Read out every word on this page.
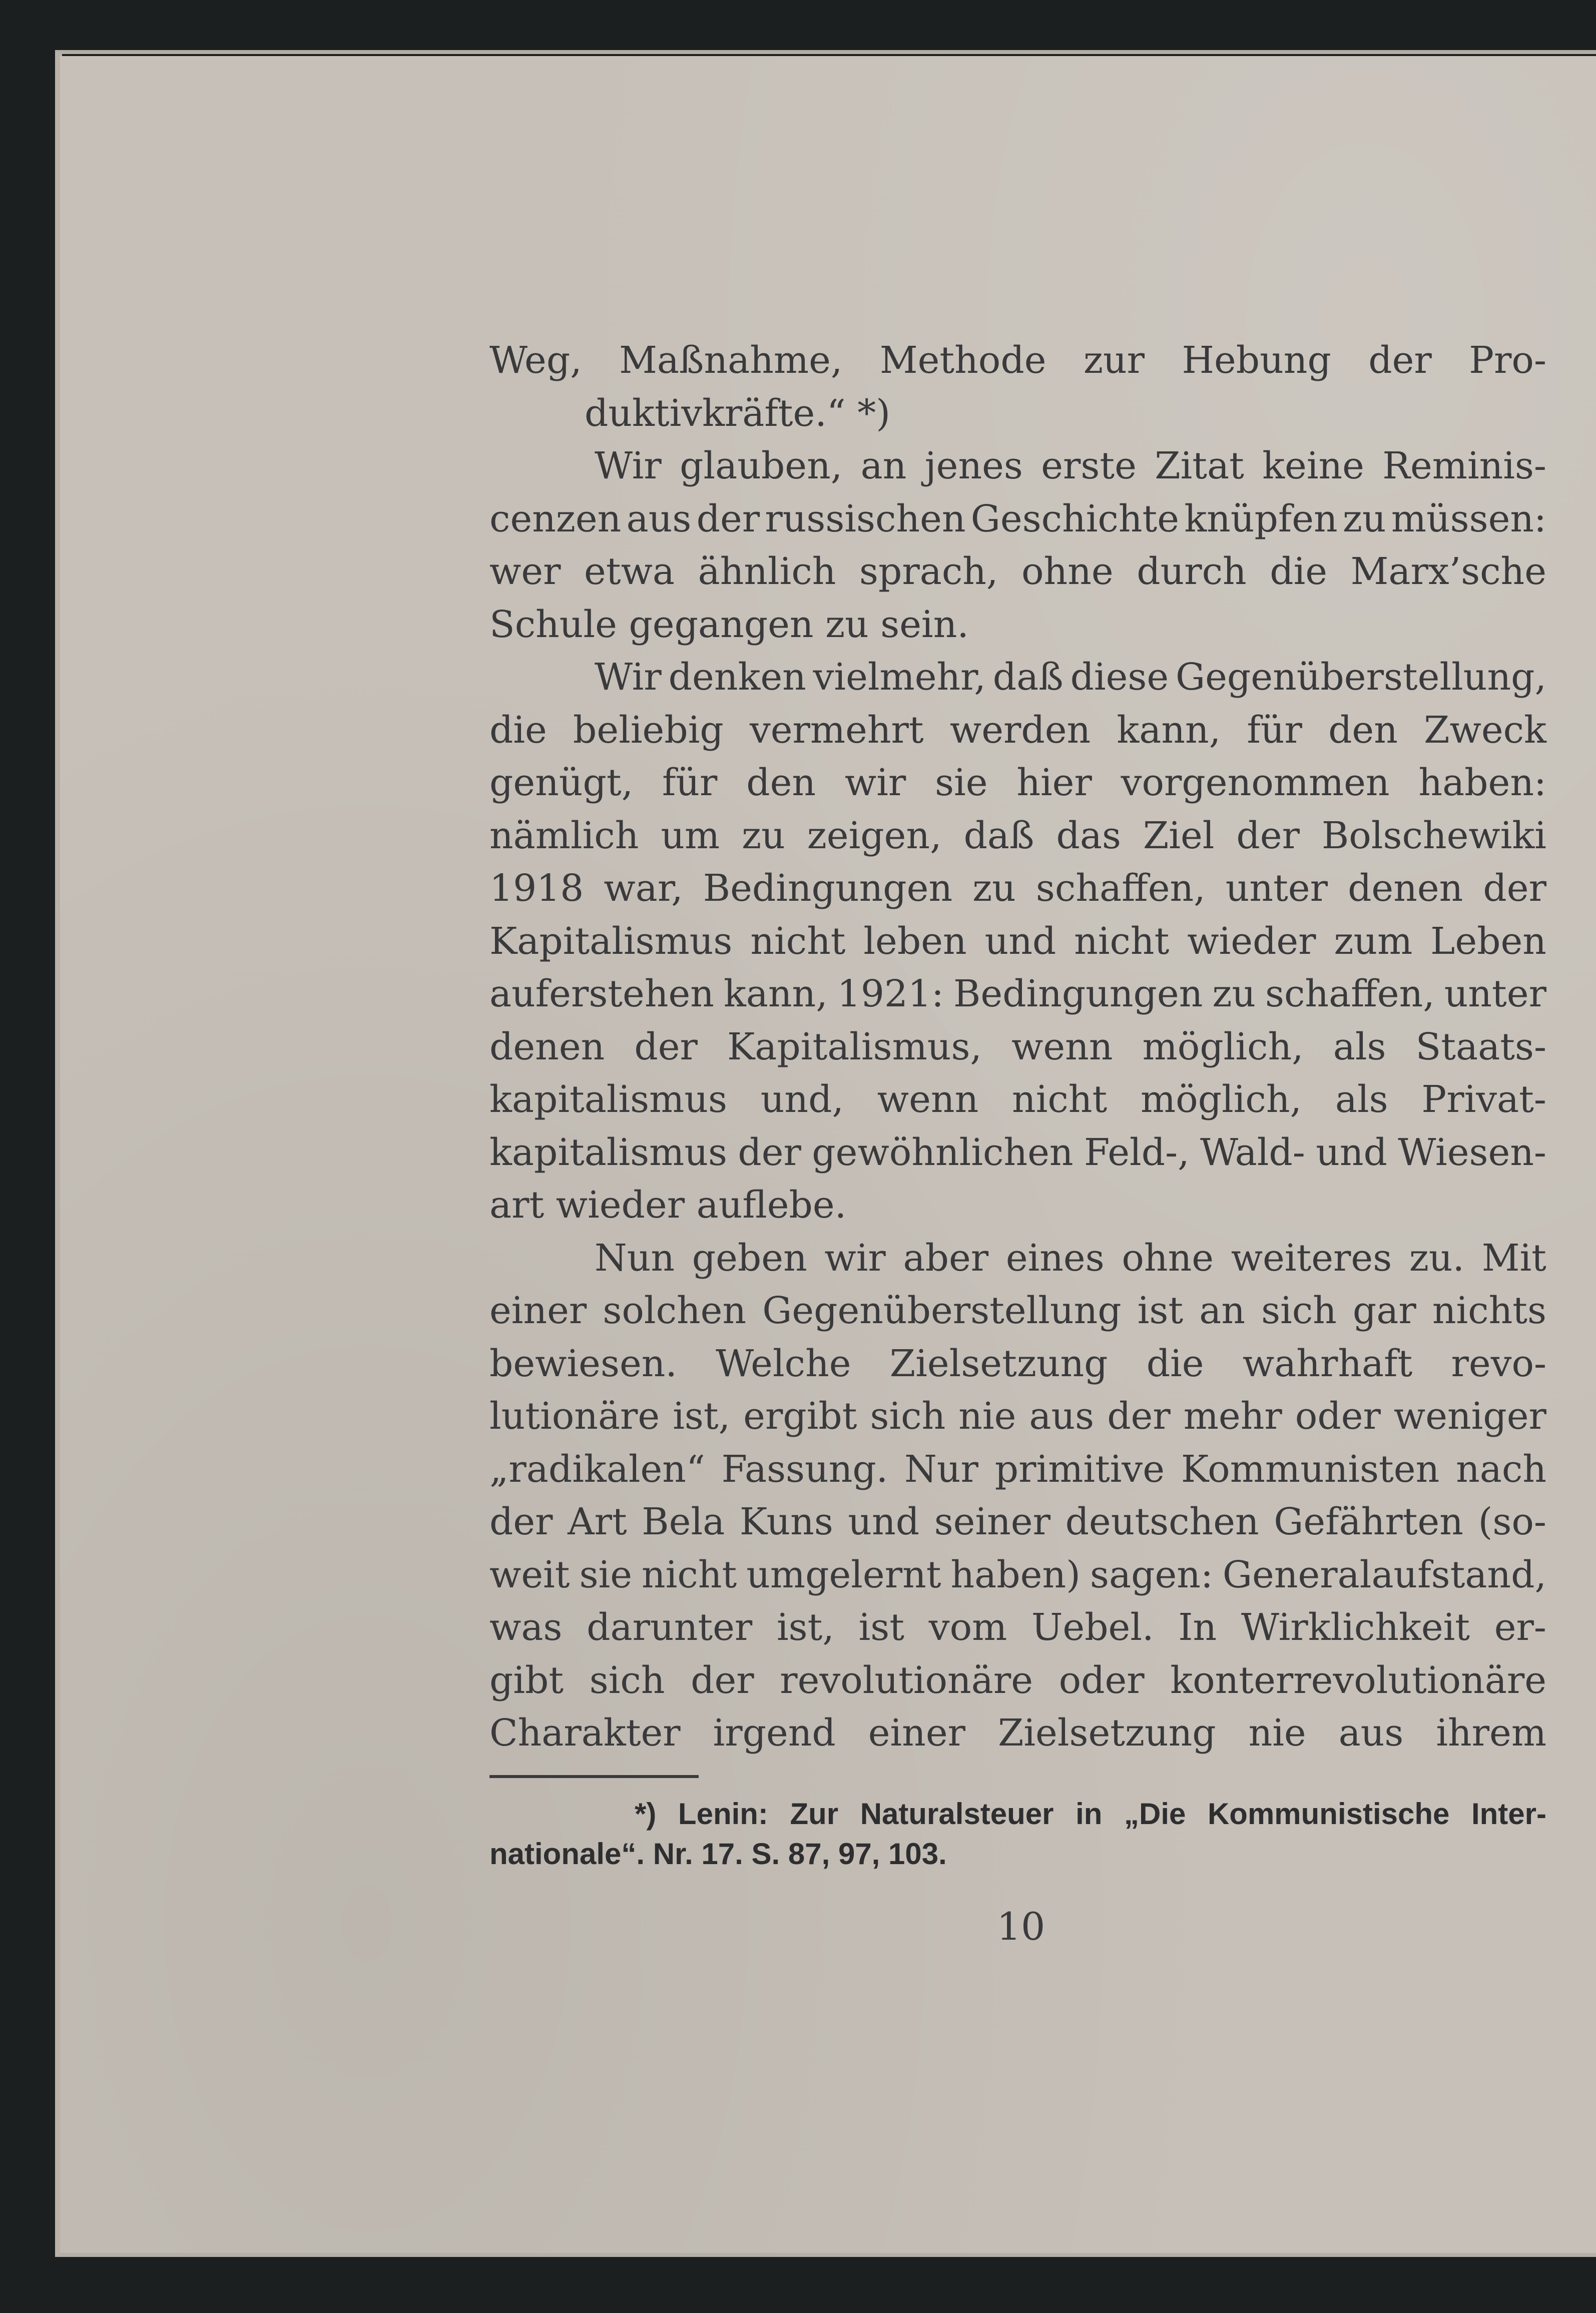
Weg, Maßnahme, Methode zur Hebung der Pro-
duktivkräfte.“ *)
Wir glauben, an jenes erste Zitat keine Reminis-
cenzen aus der russischen Geschichte knüpfen zu müssen:
wer etwa ähnlich sprach, ohne durch die Marx’sche
Schule gegangen zu sein.
Wir denken vielmehr, daß diese Gegenüberstellung,
die beliebig vermehrt werden kann, für den Zweck
genügt, für den wir sie hier vorgenommen haben:
nämlich um zu zeigen, daß das Ziel der Bolschewiki
1918 war, Bedingungen zu schaffen, unter denen der
Kapitalismus nicht leben und nicht wieder zum Leben
auferstehen kann, 1921: Bedingungen zu schaffen, unter
denen der Kapitalismus, wenn möglich, als Staats-
kapitalismus und, wenn nicht möglich, als Privat-
kapitalismus der gewöhnlichen Feld-, Wald- und Wiesen-
art wieder auflebe.
Nun geben wir aber eines ohne weiteres zu. Mit
einer solchen Gegenüberstellung ist an sich gar nichts
bewiesen. Welche Zielsetzung die wahrhaft revo-
lutionäre ist, ergibt sich nie aus der mehr oder weniger
„radikalen“ Fassung. Nur primitive Kommunisten nach
der Art Bela Kuns und seiner deutschen Gefährten (so-
weit sie nicht umgelernt haben) sagen: Generalaufstand,
was darunter ist, ist vom Uebel. In Wirklichkeit er-
gibt sich der revolutionäre oder konterrevolutionäre
Charakter irgend einer Zielsetzung nie aus ihrem
*) Lenin: Zur Naturalsteuer in „Die Kommunistische Inter-
nationale“. Nr. 17. S. 87, 97, 103.
10
